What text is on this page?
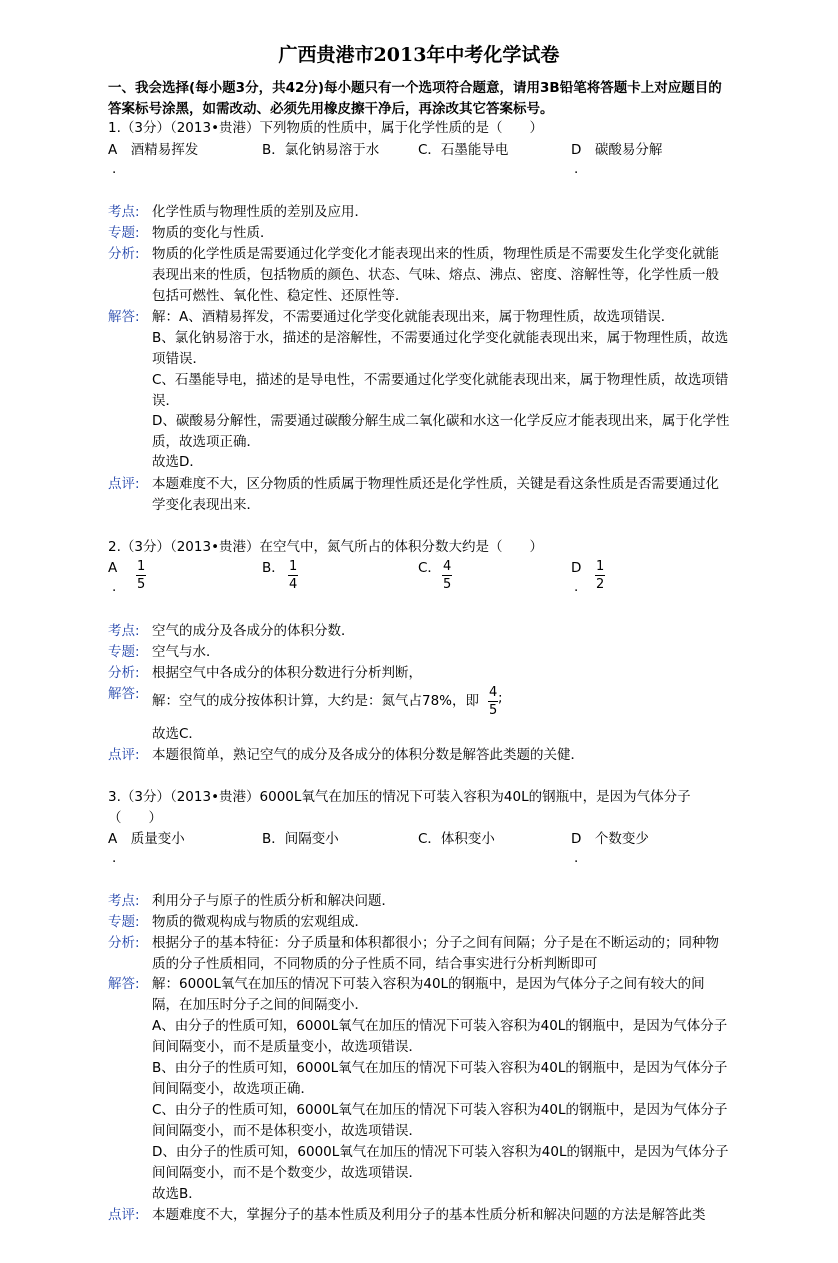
广西贵港市2013年中考化学试卷
一、我会选择(每小题3分，共42分)每小题只有一个选项符合题意，请用3B铅笔将答题卡上对应题目的答案标号涂黑，如需改动、必须先用橡皮擦干净后，再涂改其它答案标号。
1.（3分）（2013•贵港）下列物质的性质中，属于化学性质的是（　　）
A　酒精易挥发	B．氯化钠易溶于水	C．石墨能导电	D　碳酸易分解
.	.
考点: 化学性质与物理性质的差别及应用．
专题: 物质的变化与性质．
分析: 物质的化学性质是需要通过化学变化才能表现出来的性质，物理性质是不需要发生化学变化就能表现出来的性质，包括物质的颜色、状态、气味、熔点、沸点、密度、溶解性等，化学性质一般包括可燃性、氧化性、稳定性、还原性等．
解答: 解：A、酒精易挥发，不需要通过化学变化就能表现出来，属于物理性质，故选项错误．
B、氯化钠易溶于水，描述的是溶解性，不需要通过化学变化就能表现出来，属于物理性质，故选项错误．
C、石墨能导电，描述的是导电性，不需要通过化学变化就能表现出来，属于物理性质，故选项错误．
D、碳酸易分解性，需要通过碳酸分解生成二氧化碳和水这一化学反应才能表现出来，属于化学性质，故选项正确．
故选D．
点评: 本题难度不大，区分物质的性质属于物理性质还是化学性质，关键是看这条性质是否需要通过化学变化表现出来．
2.（3分）（2013•贵港）在空气中，氮气所占的体积分数大约是（　　）
A $\frac{1}{5}$	B． $\frac{1}{4}$	C． $\frac{4}{5}$	D $\frac{1}{2}$
.	.
考点: 空气的成分及各成分的体积分数．
专题: 空气与水．
分析: 根据空气中各成分的体积分数进行分析判断，
解答: 解：空气的成分按体积计算，大约是：氮气占78%，即 $\frac{4}{5}$ ;
故选C．
点评: 本题很简单，熟记空气的成分及各成分的体积分数是解答此类题的关健．
3.（3分）（2013•贵港）6000L氧气在加压的情况下可装入容积为40L的钢瓶中，是因为气体分子（　　）
A　质量变小	B．间隔变小	C．体积变小	D　个数变少
.	.
考点: 利用分子与原子的性质分析和解决问题．
专题: 物质的微观构成与物质的宏观组成．
分析: 根据分子的基本特征：分子质量和体积都很小；分子之间有间隔；分子是在不断运动的；同种物质的分子性质相同，不同物质的分子性质不同，结合事实进行分析判断即可
解答: 解：6000L氧气在加压的情况下可装入容积为40L的钢瓶中，是因为气体分子之间有较大的间隔，在加压时分子之间的间隔变小．
A、由分子的性质可知，6000L氧气在加压的情况下可装入容积为40L的钢瓶中，是因为气体分子间间隔变小，而不是质量变小，故选项错误．
B、由分子的性质可知，6000L氧气在加压的情况下可装入容积为40L的钢瓶中，是因为气体分子间间隔变小，故选项正确．
C、由分子的性质可知，6000L氧气在加压的情况下可装入容积为40L的钢瓶中，是因为气体分子间间隔变小，而不是体积变小，故选项错误．
D、由分子的性质可知，6000L氧气在加压的情况下可装入容积为40L的钢瓶中，是因为气体分子间间隔变小，而不是个数变少，故选项错误．
故选B．
点评: 本题难度不大，掌握分子的基本性质及利用分子的基本性质分析和解决问题的方法是解答此类
